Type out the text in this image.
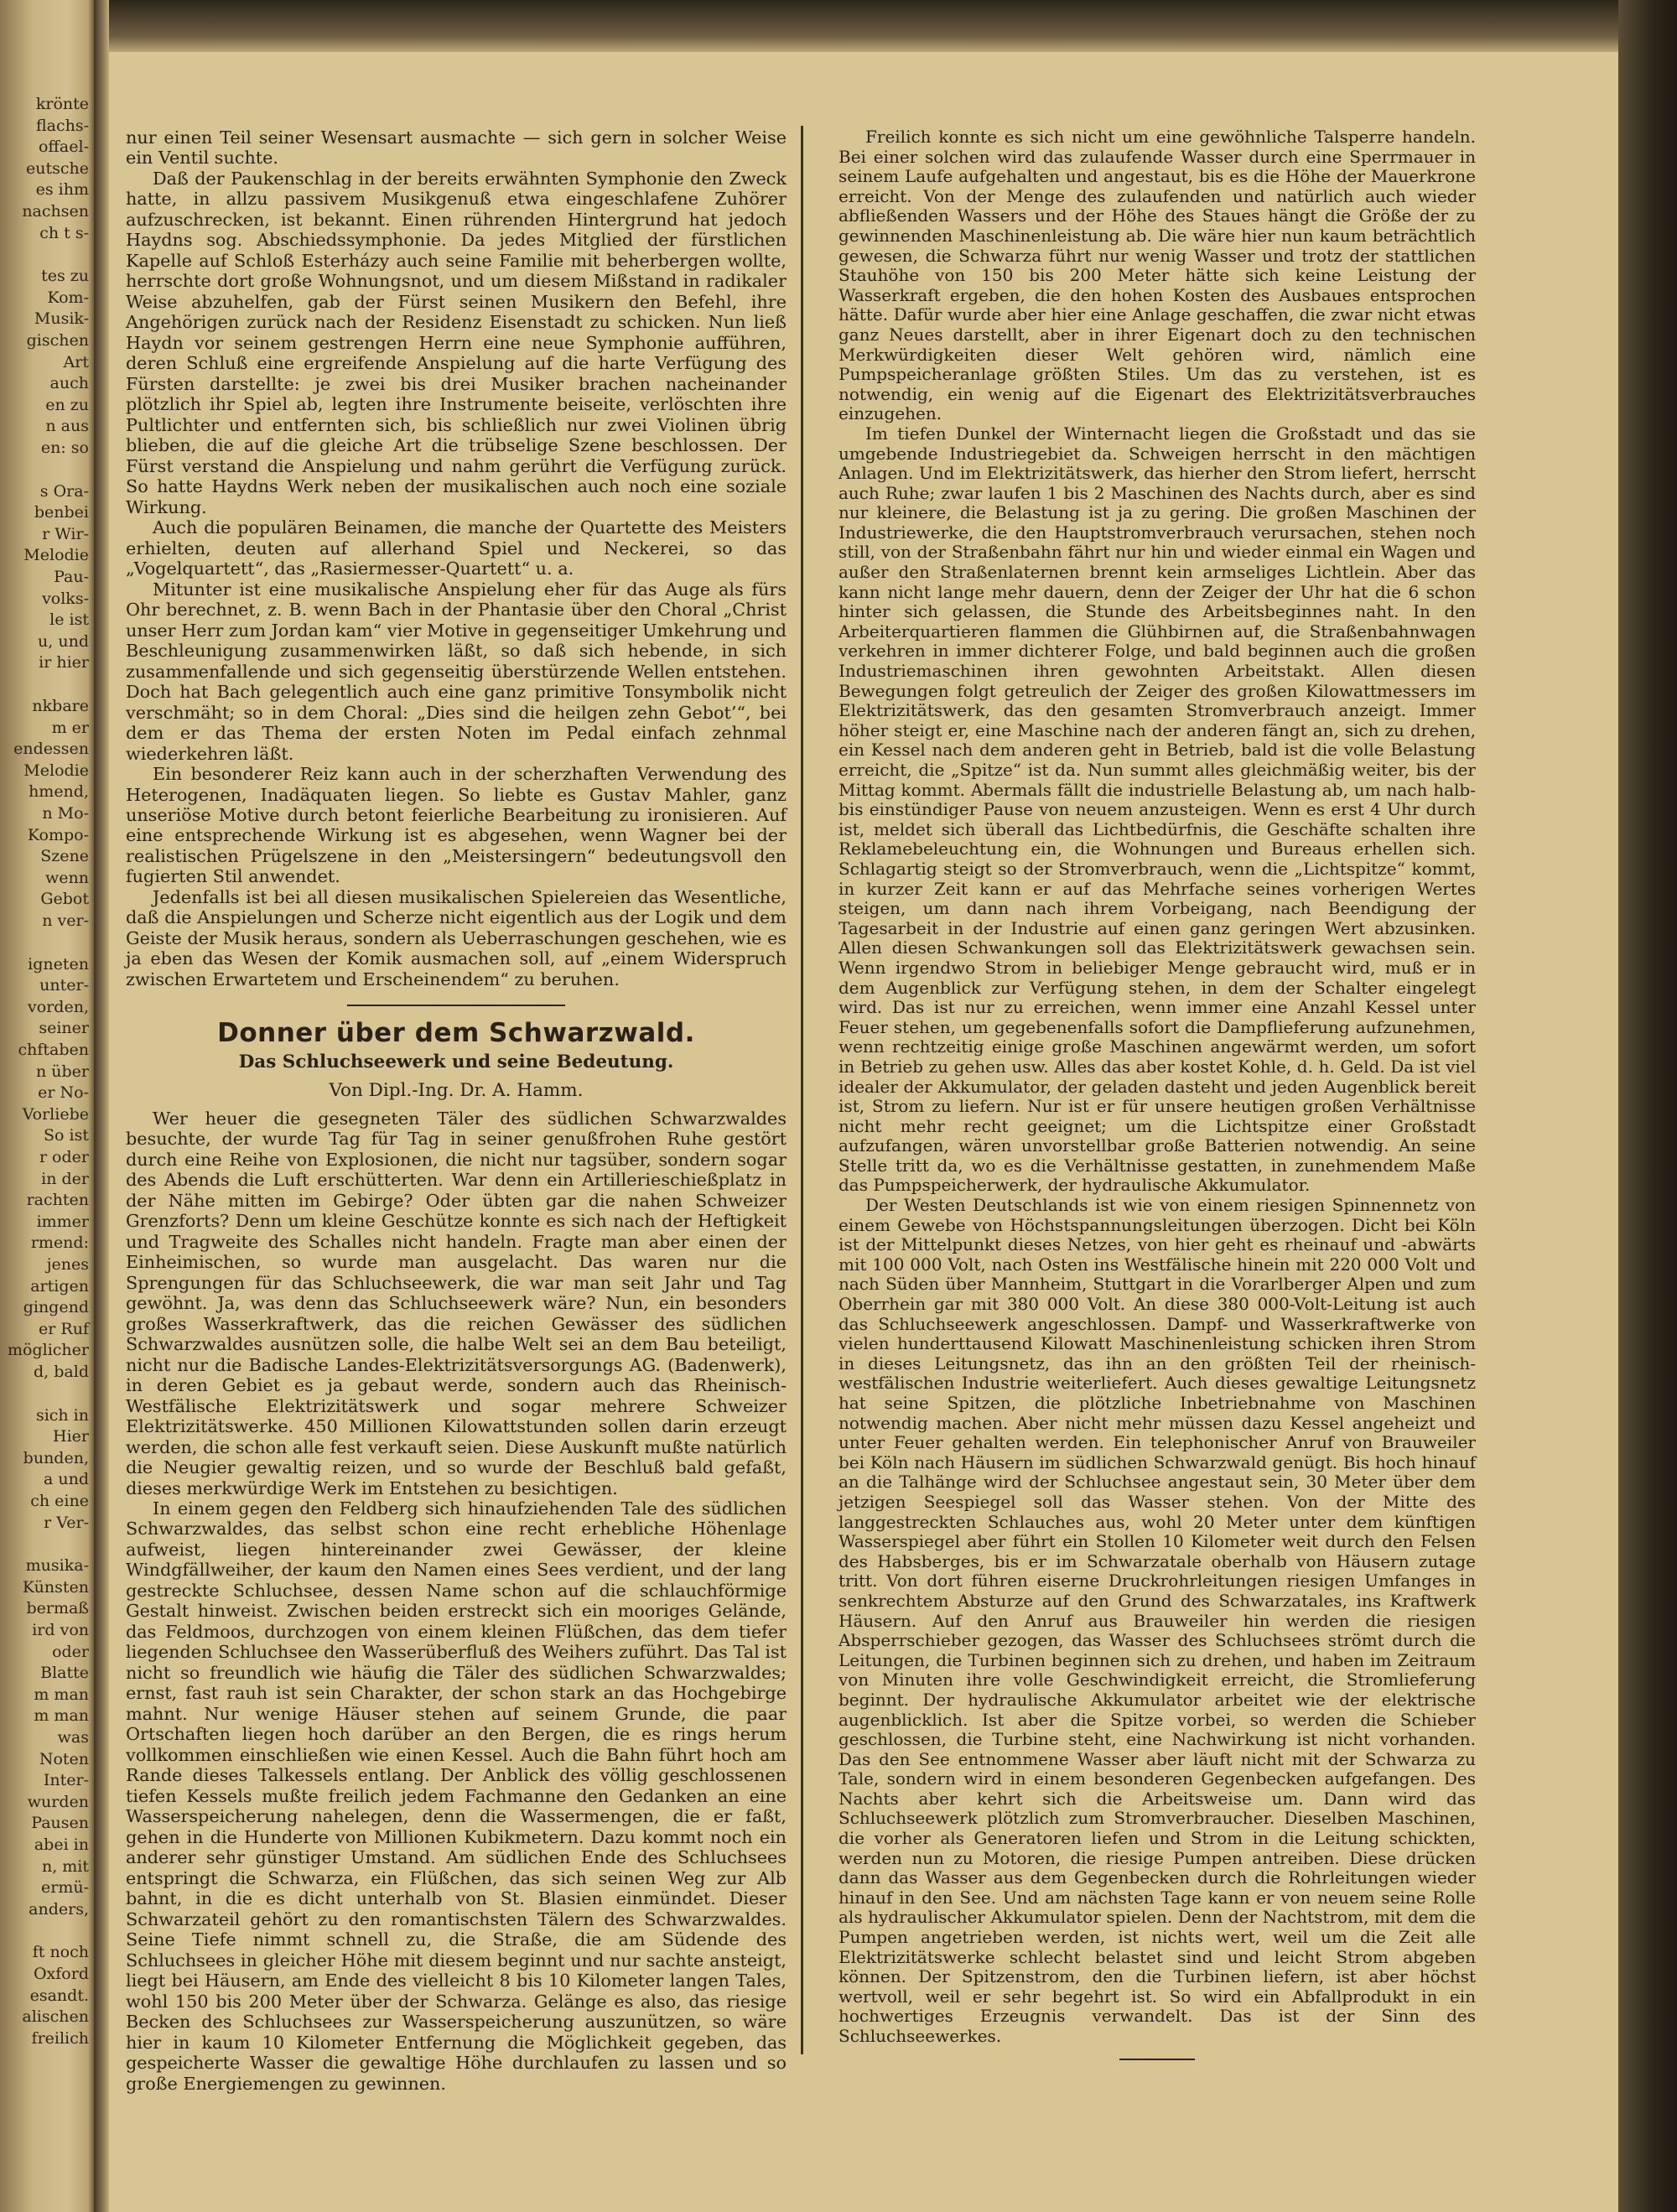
krönte
flachs-
offael-
eutsche
es ihm
nachsen
ch t s-
tes zu
Kom-
Musik-
gischen
Art
auch
en zu
n aus
en: so
s Ora-
benbei
r Wir-
Melodie
Pau-
volks-
le ist
u, und
ir hier
nkbare
m er
endessen
Melodie
hmend,
n Mo-
Kompo-
Szene
wenn
Gebot
n ver-
igneten
unter-
vorden,
seiner
chftaben
n über
er No-
Vorliebe
So ist
r oder
in der
rachten
immer
rmend:
jenes
artigen
gingend
er Ruf
möglicher
d, bald
sich in
Hier
bunden,
a und
ch eine
r Ver-
musika-
Künsten
bermaß
ird von
oder
Blatte
m man
m man
was
Noten
Inter-
wurden
Pausen
abei in
n, mit
ermü-
anders,
ft noch
Oxford
esandt.
alischen
freilich

nur einen Teil seiner Wesensart ausmachte — sich gern in solcher Weise ein Ventil suchte.

Daß der Paukenschlag in der bereits erwähnten Symphonie den Zweck hatte, in allzu passivem Musikgenuß etwa eingeschlafene Zuhörer aufzuschrecken, ist bekannt. Einen rührenden Hintergrund hat jedoch Haydns sog. Abschiedssymphonie. Da jedes Mitglied der fürstlichen Kapelle auf Schloß Esterházy auch seine Familie mit beherbergen wollte, herrschte dort große Wohnungsnot, und um diesem Mißstand in radikaler Weise abzuhelfen, gab der Fürst seinen Musikern den Befehl, ihre Angehörigen zurück nach der Residenz Eisenstadt zu schicken. Nun ließ Haydn vor seinem gestrengen Herrn eine neue Symphonie aufführen, deren Schluß eine ergreifende Anspielung auf die harte Verfügung des Fürsten darstellte: je zwei bis drei Musiker brachen nacheinander plötzlich ihr Spiel ab, legten ihre Instrumente beiseite, verlöschten ihre Pultlichter und entfernten sich, bis schließlich nur zwei Violinen übrig blieben, die auf die gleiche Art die trübselige Szene beschlossen. Der Fürst verstand die Anspielung und nahm gerührt die Verfügung zurück. So hatte Haydns Werk neben der musikalischen auch noch eine soziale Wirkung.

Auch die populären Beinamen, die manche der Quartette des Meisters erhielten, deuten auf allerhand Spiel und Neckerei, so das „Vogelquartett“, das „Rasiermesser-Quartett“ u. a.

Mitunter ist eine musikalische Anspielung eher für das Auge als fürs Ohr berechnet, z. B. wenn Bach in der Phantasie über den Choral „Christ unser Herr zum Jordan kam“ vier Motive in gegenseitiger Umkehrung und Beschleunigung zusammenwirken läßt, so daß sich hebende, in sich zusammenfallende und sich gegenseitig überstürzende Wellen entstehen. Doch hat Bach gelegentlich auch eine ganz primitive Tonsymbolik nicht verschmäht; so in dem Choral: „Dies sind die heilgen zehn Gebot’“, bei dem er das Thema der ersten Noten im Pedal einfach zehnmal wiederkehren läßt.

Ein besonderer Reiz kann auch in der scherzhaften Verwendung des Heterogenen, Inadäquaten liegen. So liebte es Gustav Mahler, ganz unseriöse Motive durch betont feierliche Bearbeitung zu ironisieren. Auf eine entsprechende Wirkung ist es abgesehen, wenn Wagner bei der realistischen Prügelszene in den „Meistersingern“ bedeutungsvoll den fugierten Stil anwendet.

Jedenfalls ist bei all diesen musikalischen Spielereien das Wesentliche, daß die Anspielungen und Scherze nicht eigentlich aus der Logik und dem Geiste der Musik heraus, sondern als Ueberraschungen geschehen, wie es ja eben das Wesen der Komik ausmachen soll, auf „einem Widerspruch zwischen Erwartetem und Erscheinendem“ zu beruhen.

Donner über dem Schwarzwald.
Das Schluchseewerk und seine Bedeutung.
Von Dipl.-Ing. Dr. A. Hamm.

Wer heuer die gesegneten Täler des südlichen Schwarzwaldes besuchte, der wurde Tag für Tag in seiner genußfrohen Ruhe gestört durch eine Reihe von Explosionen, die nicht nur tagsüber, sondern sogar des Abends die Luft erschütterten. War denn ein Artillerieschießplatz in der Nähe mitten im Gebirge? Oder übten gar die nahen Schweizer Grenzforts? Denn um kleine Geschütze konnte es sich nach der Heftigkeit und Tragweite des Schalles nicht handeln. Fragte man aber einen der Einheimischen, so wurde man ausgelacht. Das waren nur die Sprengungen für das Schluchseewerk, die war man seit Jahr und Tag gewöhnt. Ja, was denn das Schluchseewerk wäre? Nun, ein besonders großes Wasserkraftwerk, das die reichen Gewässer des südlichen Schwarzwaldes ausnützen solle, die halbe Welt sei an dem Bau beteiligt, nicht nur die Badische Landes-Elektrizitätsversorgungs AG. (Badenwerk), in deren Gebiet es ja gebaut werde, sondern auch das Rheinisch-Westfälische Elektrizitätswerk und sogar mehrere Schweizer Elektrizitätswerke. 450 Millionen Kilowattstunden sollen darin erzeugt werden, die schon alle fest verkauft seien. Diese Auskunft mußte natürlich die Neugier gewaltig reizen, und so wurde der Beschluß bald gefaßt, dieses merkwürdige Werk im Entstehen zu besichtigen.

In einem gegen den Feldberg sich hinaufziehenden Tale des südlichen Schwarzwaldes, das selbst schon eine recht erhebliche Höhenlage aufweist, liegen hintereinander zwei Gewässer, der kleine Windgfällweiher, der kaum den Namen eines Sees verdient, und der lang gestreckte Schluchsee, dessen Name schon auf die schlauchförmige Gestalt hinweist. Zwischen beiden erstreckt sich ein mooriges Gelände, das Feldmoos, durchzogen von einem kleinen Flüßchen, das dem tiefer liegenden Schluchsee den Wasserüberfluß des Weihers zuführt. Das Tal ist nicht so freundlich wie häufig die Täler des südlichen Schwarzwaldes; ernst, fast rauh ist sein Charakter, der schon stark an das Hochgebirge mahnt. Nur wenige Häuser stehen auf seinem Grunde, die paar Ortschaften liegen hoch darüber an den Bergen, die es rings herum vollkommen einschließen wie einen Kessel. Auch die Bahn führt hoch am Rande dieses Talkessels entlang. Der Anblick des völlig geschlossenen tiefen Kessels mußte freilich jedem Fachmanne den Gedanken an eine Wasserspeicherung nahelegen, denn die Wassermengen, die er faßt, gehen in die Hunderte von Millionen Kubikmetern. Dazu kommt noch ein anderer sehr günstiger Umstand. Am südlichen Ende des Schluchsees entspringt die Schwarza, ein Flüßchen, das sich seinen Weg zur Alb bahnt, in die es dicht unterhalb von St. Blasien einmündet. Dieser Schwarzateil gehört zu den romantischsten Tälern des Schwarzwaldes. Seine Tiefe nimmt schnell zu, die Straße, die am Südende des Schluchsees in gleicher Höhe mit diesem beginnt und nur sachte ansteigt, liegt bei Häusern, am Ende des vielleicht 8 bis 10 Kilometer langen Tales, wohl 150 bis 200 Meter über der Schwarza. Gelänge es also, das riesige Becken des Schluchsees zur Wasserspeicherung auszunützen, so wäre hier in kaum 10 Kilometer Entfernung die Möglichkeit gegeben, das gespeicherte Wasser die gewaltige Höhe durchlaufen zu lassen und so große Energiemengen zu gewinnen.

Freilich konnte es sich nicht um eine gewöhnliche Talsperre handeln. Bei einer solchen wird das zulaufende Wasser durch eine Sperrmauer in seinem Laufe aufgehalten und angestaut, bis es die Höhe der Mauerkrone erreicht. Von der Menge des zulaufenden und natürlich auch wieder abfließenden Wassers und der Höhe des Staues hängt die Größe der zu gewinnenden Maschinenleistung ab. Die wäre hier nun kaum beträchtlich gewesen, die Schwarza führt nur wenig Wasser und trotz der stattlichen Stauhöhe von 150 bis 200 Meter hätte sich keine Leistung der Wasserkraft ergeben, die den hohen Kosten des Ausbaues entsprochen hätte. Dafür wurde aber hier eine Anlage geschaffen, die zwar nicht etwas ganz Neues darstellt, aber in ihrer Eigenart doch zu den technischen Merkwürdigkeiten dieser Welt gehören wird, nämlich eine Pumpspeicheranlage größten Stiles. Um das zu verstehen, ist es notwendig, ein wenig auf die Eigenart des Elektrizitätsverbrauches einzugehen.

Im tiefen Dunkel der Winternacht liegen die Großstadt und das sie umgebende Industriegebiet da. Schweigen herrscht in den mächtigen Anlagen. Und im Elektrizitätswerk, das hierher den Strom liefert, herrscht auch Ruhe; zwar laufen 1 bis 2 Maschinen des Nachts durch, aber es sind nur kleinere, die Belastung ist ja zu gering. Die großen Maschinen der Industriewerke, die den Hauptstromverbrauch verursachen, stehen noch still, von der Straßenbahn fährt nur hin und wieder einmal ein Wagen und außer den Straßenlaternen brennt kein armseliges Lichtlein. Aber das kann nicht lange mehr dauern, denn der Zeiger der Uhr hat die 6 schon hinter sich gelassen, die Stunde des Arbeitsbeginnes naht. In den Arbeiterquartieren flammen die Glühbirnen auf, die Straßenbahnwagen verkehren in immer dichterer Folge, und bald beginnen auch die großen Industriemaschinen ihren gewohnten Arbeitstakt. Allen diesen Bewegungen folgt getreulich der Zeiger des großen Kilowattmessers im Elektrizitätswerk, das den gesamten Stromverbrauch anzeigt. Immer höher steigt er, eine Maschine nach der anderen fängt an, sich zu drehen, ein Kessel nach dem anderen geht in Betrieb, bald ist die volle Belastung erreicht, die „Spitze“ ist da. Nun summt alles gleichmäßig weiter, bis der Mittag kommt. Abermals fällt die industrielle Belastung ab, um nach halb- bis einstündiger Pause von neuem anzusteigen. Wenn es erst 4 Uhr durch ist, meldet sich überall das Lichtbedürfnis, die Geschäfte schalten ihre Reklamebeleuchtung ein, die Wohnungen und Bureaus erhellen sich. Schlagartig steigt so der Stromverbrauch, wenn die „Lichtspitze“ kommt, in kurzer Zeit kann er auf das Mehrfache seines vorherigen Wertes steigen, um dann nach ihrem Vorbeigang, nach Beendigung der Tagesarbeit in der Industrie auf einen ganz geringen Wert abzusinken. Allen diesen Schwankungen soll das Elektrizitätswerk gewachsen sein. Wenn irgendwo Strom in beliebiger Menge gebraucht wird, muß er in dem Augenblick zur Verfügung stehen, in dem der Schalter eingelegt wird. Das ist nur zu erreichen, wenn immer eine Anzahl Kessel unter Feuer stehen, um gegebenenfalls sofort die Dampflieferung aufzunehmen, wenn rechtzeitig einige große Maschinen angewärmt werden, um sofort in Betrieb zu gehen usw. Alles das aber kostet Kohle, d. h. Geld. Da ist viel idealer der Akkumulator, der geladen dasteht und jeden Augenblick bereit ist, Strom zu liefern. Nur ist er für unsere heutigen großen Verhältnisse nicht mehr recht geeignet; um die Lichtspitze einer Großstadt aufzufangen, wären unvorstellbar große Batterien notwendig. An seine Stelle tritt da, wo es die Verhältnisse gestatten, in zunehmendem Maße das Pumpspeicherwerk, der hydraulische Akkumulator.

Der Westen Deutschlands ist wie von einem riesigen Spinnennetz von einem Gewebe von Höchstspannungsleitungen überzogen. Dicht bei Köln ist der Mittelpunkt dieses Netzes, von hier geht es rheinauf und -abwärts mit 100 000 Volt, nach Osten ins Westfälische hinein mit 220 000 Volt und nach Süden über Mannheim, Stuttgart in die Vorarlberger Alpen und zum Oberrhein gar mit 380 000 Volt. An diese 380 000-Volt-Leitung ist auch das Schluchseewerk angeschlossen. Dampf- und Wasserkraftwerke von vielen hunderttausend Kilowatt Maschinenleistung schicken ihren Strom in dieses Leitungsnetz, das ihn an den größten Teil der rheinisch-westfälischen Industrie weiterliefert. Auch dieses gewaltige Leitungsnetz hat seine Spitzen, die plötzliche Inbetriebnahme von Maschinen notwendig machen. Aber nicht mehr müssen dazu Kessel angeheizt und unter Feuer gehalten werden. Ein telephonischer Anruf von Brauweiler bei Köln nach Häusern im südlichen Schwarzwald genügt. Bis hoch hinauf an die Talhänge wird der Schluchsee angestaut sein, 30 Meter über dem jetzigen Seespiegel soll das Wasser stehen. Von der Mitte des langgestreckten Schlauches aus, wohl 20 Meter unter dem künftigen Wasserspiegel aber führt ein Stollen 10 Kilometer weit durch den Felsen des Habsberges, bis er im Schwarzatale oberhalb von Häusern zutage tritt. Von dort führen eiserne Druckrohrleitungen riesigen Umfanges in senkrechtem Absturze auf den Grund des Schwarzatales, ins Kraftwerk Häusern. Auf den Anruf aus Brauweiler hin werden die riesigen Absperrschieber gezogen, das Wasser des Schluchsees strömt durch die Leitungen, die Turbinen beginnen sich zu drehen, und haben im Zeitraum von Minuten ihre volle Geschwindigkeit erreicht, die Stromlieferung beginnt. Der hydraulische Akkumulator arbeitet wie der elektrische augenblicklich. Ist aber die Spitze vorbei, so werden die Schieber geschlossen, die Turbine steht, eine Nachwirkung ist nicht vorhanden. Das den See entnommene Wasser aber läuft nicht mit der Schwarza zu Tale, sondern wird in einem besonderen Gegenbecken aufgefangen. Des Nachts aber kehrt sich die Arbeitsweise um. Dann wird das Schluchseewerk plötzlich zum Stromverbraucher. Dieselben Maschinen, die vorher als Generatoren liefen und Strom in die Leitung schickten, werden nun zu Motoren, die riesige Pumpen antreiben. Diese drücken dann das Wasser aus dem Gegenbecken durch die Rohrleitungen wieder hinauf in den See. Und am nächsten Tage kann er von neuem seine Rolle als hydraulischer Akkumulator spielen. Denn der Nachtstrom, mit dem die Pumpen angetrieben werden, ist nichts wert, weil um die Zeit alle Elektrizitätswerke schlecht belastet sind und leicht Strom abgeben können. Der Spitzenstrom, den die Turbinen liefern, ist aber höchst wertvoll, weil er sehr begehrt ist. So wird ein Abfallprodukt in ein hochwertiges Erzeugnis verwandelt. Das ist der Sinn des Schluchseewerkes.
